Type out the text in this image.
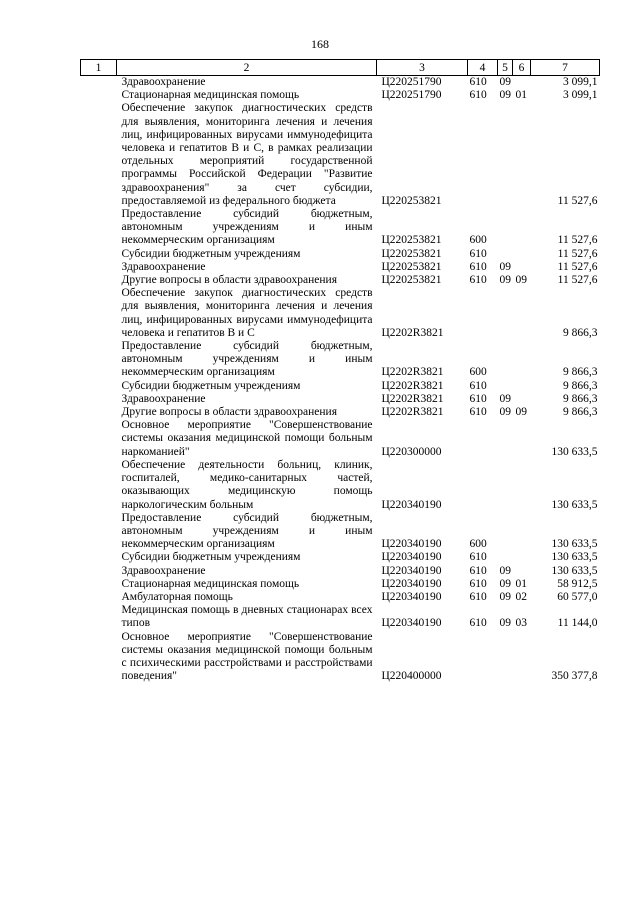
168
1	2	3	4	5	6	7
	Здравоохранение	Ц220251790	610	09		3 099,1
	Стационарная медицинская помощь	Ц220251790	610	09	01	3 099,1
	Обеспечение закупок диагностических средств для выявления, мониторинга лечения и лечения лиц, инфицированных вирусами иммунодефицита человека и гепатитов B и C, в рамках реализации отдельных мероприятий государственной программы Российской Федерации "Развитие здравоохранения" за счет субсидии, предоставляемой из федерального бюджета	Ц220253821				11 527,6
	Предоставление субсидий бюджетным, автономным учреждениям и иным некоммерческим организациям	Ц220253821	600			11 527,6
	Субсидии бюджетным учреждениям	Ц220253821	610			11 527,6
	Здравоохранение	Ц220253821	610	09		11 527,6
	Другие вопросы в области здравоохранения	Ц220253821	610	09	09	11 527,6
	Обеспечение закупок диагностических средств для выявления, мониторинга лечения и лечения лиц, инфицированных вирусами иммунодефицита человека и гепатитов В и С	Ц2202R3821				9 866,3
	Предоставление субсидий бюджетным, автономным учреждениям и иным некоммерческим организациям	Ц2202R3821	600			9 866,3
	Субсидии бюджетным учреждениям	Ц2202R3821	610			9 866,3
	Здравоохранение	Ц2202R3821	610	09		9 866,3
	Другие вопросы в области здравоохранения	Ц2202R3821	610	09	09	9 866,3
	Основное мероприятие "Совершенствование системы оказания медицинской помощи больным наркоманией"	Ц220300000				130 633,5
	Обеспечение деятельности больниц, клиник, госпиталей, медико-санитарных частей, оказывающих медицинскую помощь наркологическим больным	Ц220340190				130 633,5
	Предоставление субсидий бюджетным, автономным учреждениям и иным некоммерческим организациям	Ц220340190	600			130 633,5
	Субсидии бюджетным учреждениям	Ц220340190	610			130 633,5
	Здравоохранение	Ц220340190	610	09		130 633,5
	Стационарная медицинская помощь	Ц220340190	610	09	01	58 912,5
	Амбулаторная помощь	Ц220340190	610	09	02	60 577,0
	Медицинская помощь в дневных стационарах всех типов	Ц220340190	610	09	03	11 144,0
	Основное мероприятие "Совершенствование системы оказания медицинской помощи больным с психическими расстройствами и расстройствами поведения"	Ц220400000				350 377,8
